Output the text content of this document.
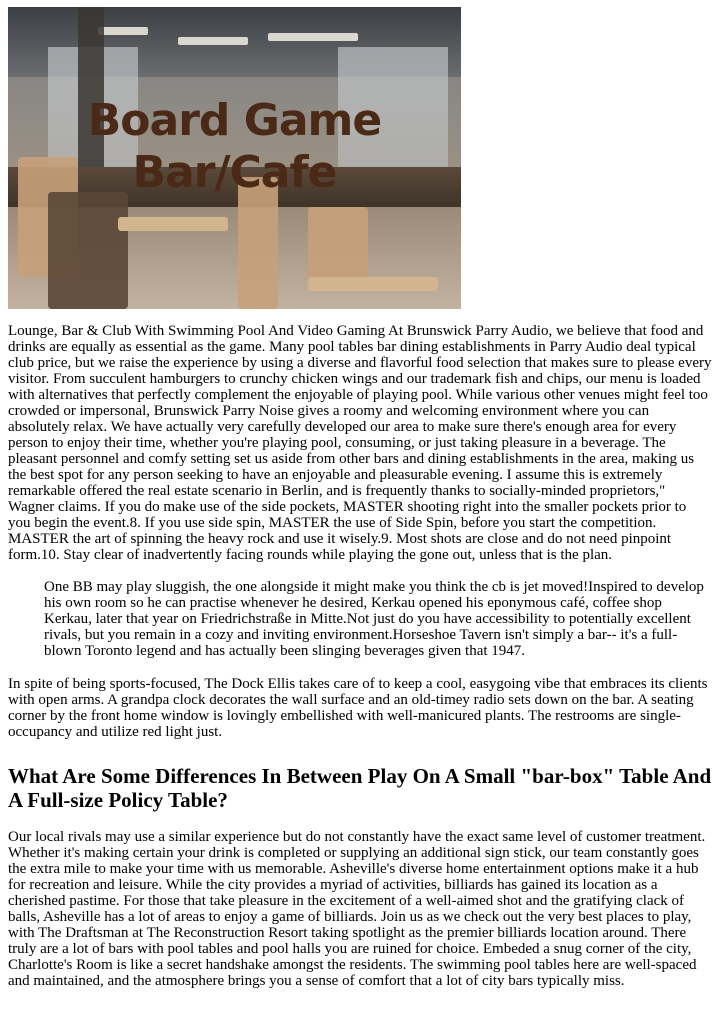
Board Game
Bar/Cafe

Lounge, Bar & Club With Swimming Pool And Video Gaming At Brunswick Parry Audio, we believe that food and drinks are equally as essential as the game. Many pool tables bar dining establishments in Parry Audio deal typical club price, but we raise the experience by using a diverse and flavorful food selection that makes sure to please every visitor. From succulent hamburgers to crunchy chicken wings and our trademark fish and chips, our menu is loaded with alternatives that perfectly complement the enjoyable of playing pool. While various other venues might feel too crowded or impersonal, Brunswick Parry Noise gives a roomy and welcoming environment where you can absolutely relax. We have actually very carefully developed our area to make sure there's enough area for every person to enjoy their time, whether you're playing pool, consuming, or just taking pleasure in a beverage. The pleasant personnel and comfy setting set us aside from other bars and dining establishments in the area, making us the best spot for any person seeking to have an enjoyable and pleasurable evening. I assume this is extremely remarkable offered the real estate scenario in Berlin, and is frequently thanks to socially-minded proprietors," Wagner claims. If you do make use of the side pockets, MASTER shooting right into the smaller pockets prior to you begin the event.8. If you use side spin, MASTER the use of Side Spin, before you start the competition. MASTER the art of spinning the heavy rock and use it wisely.9. Most shots are close and do not need pinpoint form.10. Stay clear of inadvertently facing rounds while playing the gone out, unless that is the plan.

One BB may play sluggish, the one alongside it might make you think the cb is jet moved!Inspired to develop his own room so he can practise whenever he desired, Kerkau opened his eponymous café, coffee shop Kerkau, later that year on Friedrichstraße in Mitte.Not just do you have accessibility to potentially excellent rivals, but you remain in a cozy and inviting environment.Horseshoe Tavern isn't simply a bar-- it's a full-blown Toronto legend and has actually been slinging beverages given that 1947.

In spite of being sports-focused, The Dock Ellis takes care of to keep a cool, easygoing vibe that embraces its clients with open arms. A grandpa clock decorates the wall surface and an old-timey radio sets down on the bar. A seating corner by the front home window is lovingly embellished with well-manicured plants. The restrooms are single-occupancy and utilize red light just.

What Are Some Differences In Between Play On A Small "bar-box" Table And A Full-size Policy Table?

Our local rivals may use a similar experience but do not constantly have the exact same level of customer treatment. Whether it's making certain your drink is completed or supplying an additional sign stick, our team constantly goes the extra mile to make your time with us memorable. Asheville's diverse home entertainment options make it a hub for recreation and leisure. While the city provides a myriad of activities, billiards has gained its location as a cherished pastime. For those that take pleasure in the excitement of a well-aimed shot and the gratifying clack of balls, Asheville has a lot of areas to enjoy a game of billiards. Join us as we check out the very best places to play, with The Draftsman at The Reconstruction Resort taking spotlight as the premier billiards location around. There truly are a lot of bars with pool tables and pool halls you are ruined for choice. Embeded a snug corner of the city, Charlotte's Room is like a secret handshake amongst the residents. The swimming pool tables here are well-spaced and maintained, and the atmosphere brings you a sense of comfort that a lot of city bars typically miss.
